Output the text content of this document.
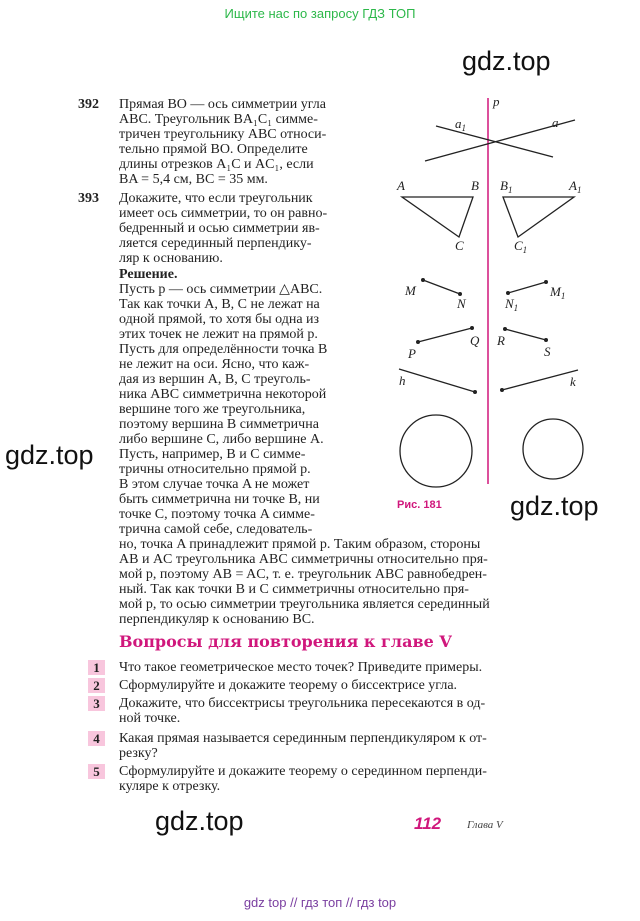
Ищите нас по запросу ГДЗ ТОП
gdz.top
gdz.top
gdz.top
gdz.top
392 Прямая BO — ось симметрии угла
ABC. Треугольник BA₁C₁ симме-
тричен треугольнику ABC относи-
тельно прямой BO. Определите
длины отрезков A₁C и AC₁, если
BA = 5,4 см, BC = 35 мм.
393 Докажите, что если треугольник
имеет ось симметрии, то он равно-
бедренный и осью симметрии яв-
ляется серединный перпендику-
ляр к основанию.
Решение.
Пусть p — ось симметрии △ABC.
Так как точки A, B, C не лежат на
одной прямой, то хотя бы одна из
этих точек не лежит на прямой p.
Пусть для определённости точка B
не лежит на оси. Ясно, что каж-
дая из вершин A, B, C треуголь-
ника ABC симметрична некоторой
вершине того же треугольника,
поэтому вершина B симметрична
либо вершине C, либо вершине A.
Пусть, например, B и C симме-
тричны относительно прямой p.
В этом случае точка A не может
быть симметрична ни точке B, ни
точке C, поэтому точка A симме-
трична самой себе, следователь-
но, точка A принадлежит прямой p. Таким образом, стороны
AB и AC треугольника ABC симметричны относительно пря-
мой p, поэтому AB = AC, т. е. треугольник ABC равнобедрен-
ный. Так как точки B и C симметричны относительно пря-
мой p, то осью симметрии треугольника является серединный
перпендикуляр к основанию BC.
p
$a_1$	a
A	B
C
$B_1$	$A_1$
$C_1$
M
N	$N_1$
$M_1$
P
Q R
S
h	k
Рис. 181
Вопросы для повторения к главе V
1	Что такое геометрическое место точек? Приведите примеры.
2	Сформулируйте и докажите теорему о биссектрисе угла.
3	Докажите, что биссектрисы треугольника пересекаются в од-
ной точке.
4	Какая прямая называется серединным перпендикуляром к от-
резку?
5	Сформулируйте и докажите теорему о серединном перпенди-
куляре к отрезку.
112 Глава V
gdz top // гдз топ // гдз top
